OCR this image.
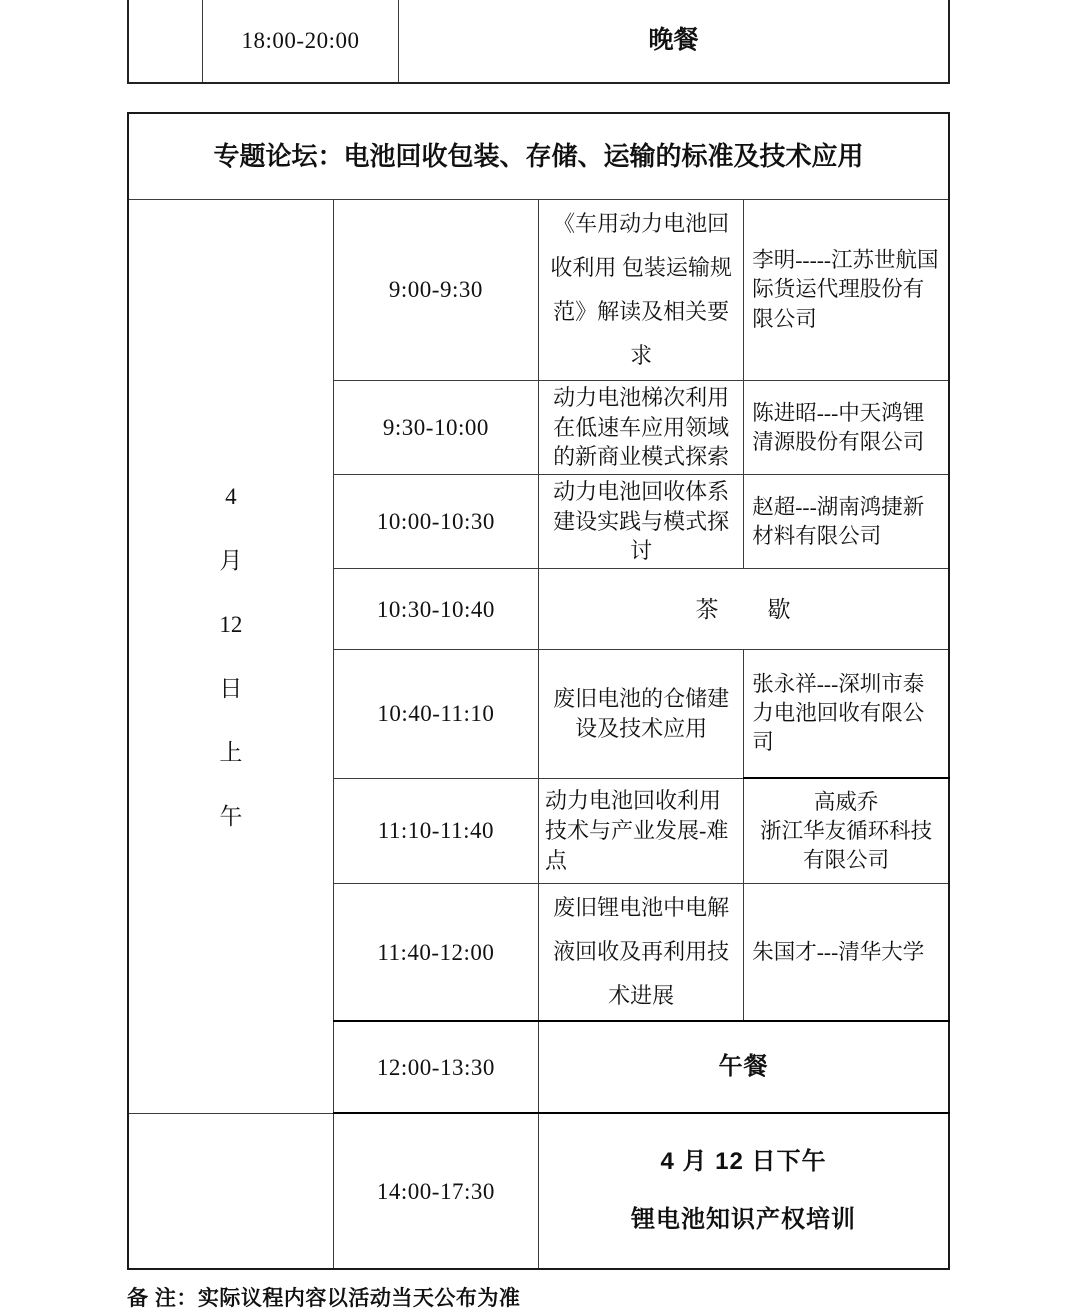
	18:00-20:00	晚餐
专题论坛：电池回收包装、存储、运输的标准及技术应用			

4
月
12
日
上
午
	9:00-9:30	《车用动力电池回收利用 包装运输规范》解读及相关要求	李明-----江苏世航国际货运代理股份有限公司
	9:30-10:00	动力电池梯次利用在低速车应用领域的新商业模式探索	陈进昭---中天鸿锂清源股份有限公司
	10:00-10:30	动力电池回收体系建设实践与模式探讨	赵超---湖南鸿捷新材料有限公司
	10:30-10:40	茶　　歇	
	10:40-11:10	废旧电池的仓储建设及技术应用	张永祥---深圳市泰力电池回收有限公司
	11:10-11:40	动力电池回收利用技术与产业发展-难点	高威乔
浙江华友循环科技有限公司

	11:40-12:00	废旧锂电池中电解液回收及再利用技术进展	朱国才---清华大学
	12:00-13:30	午餐	
	14:00-17:30	4 月 12 日下午
锂电池知识产权培训	
备 注：实际议程内容以活动当天公布为准
